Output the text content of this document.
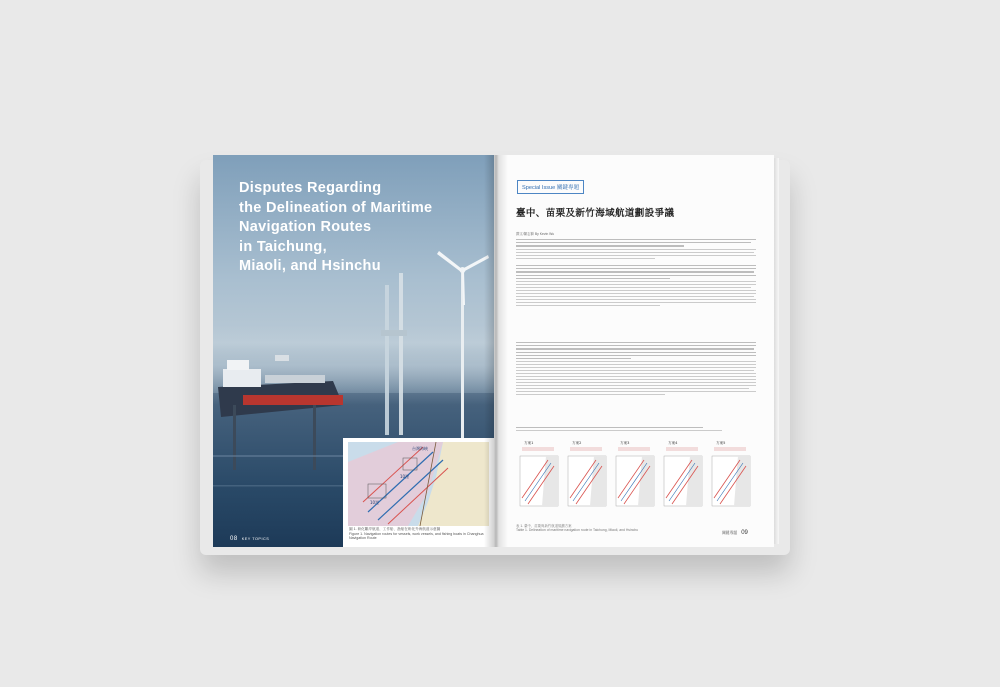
Disputes Regarding
the Delineation of Maritime
Navigation Routes
in Taichung,
Miaoli, and Hsinchu
台灣海峽
10浬
10浬
圖 1. 彰化離岸航道、工作船、漁船在彰化外海航道示意圖
Figure 1. Navigation routes for vessels, work vessels, and fishing boats in Changhua Navigation Route
08 KEY TOPICS
Special Issue 關鍵專題
臺中、苗栗及新竹海域航道劃設爭議
撰文/陳志賢 By Kevin Wu
方案1	方案2	方案3	方案4	方案5
表 1. 臺中、苗栗與新竹航道規劃方案
Table 1. Delineation of maritime navigation route in Taichung, Miaoli, and Hsinchu
關鍵專題 09
